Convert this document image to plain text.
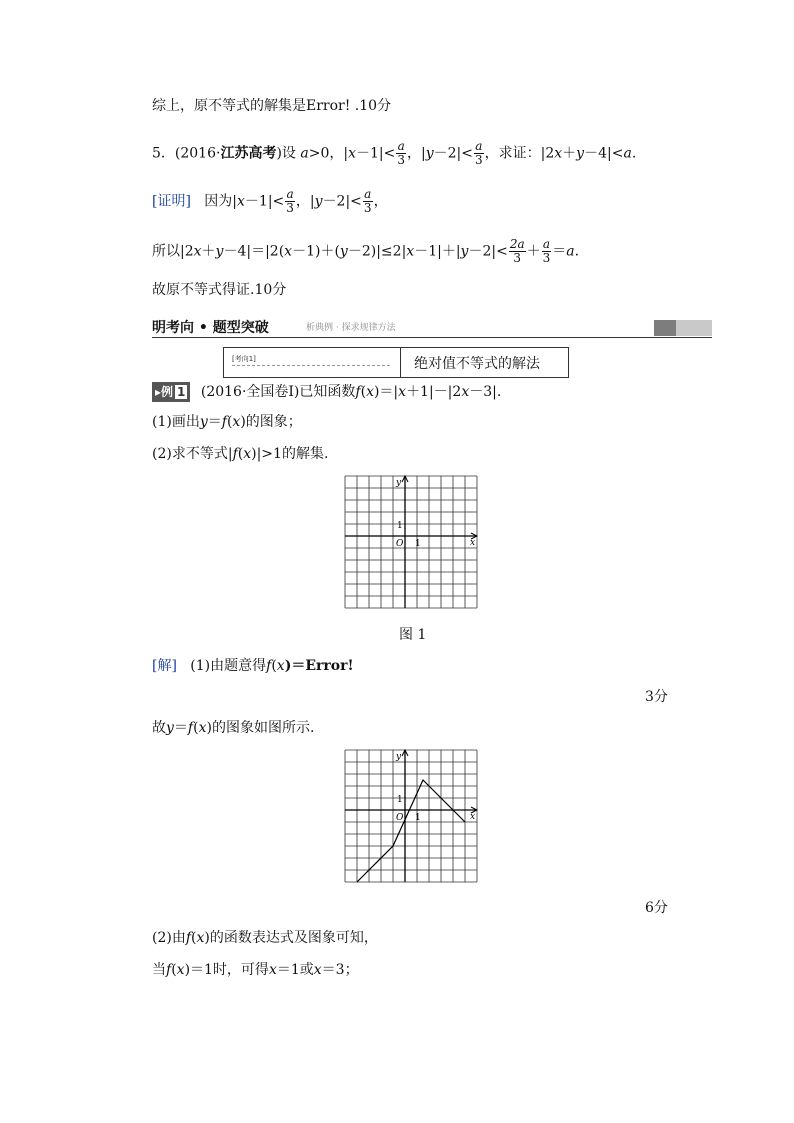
综上，原不等式的解集是Error! .10分
5．(2016·江苏高考)设 a>0，$|x-1|< \frac{a}{3}$ ，$|y-2|< \frac{a}{3}$ ，求证：|2x＋y－4|<a.
[证明] 因为$|x-1|< \frac{a}{3}$ ，$|y-2|< \frac{a}{3}$ ，
所以$|2x+y-4|=|2(x-1)+(y-2)|\le 2|x-1|+|y-2|< \frac{2a}{3} + \frac{a}{3} =a$.
故原不等式得证.10分
明考向 • 题型突破	析典例 · 探求规律方法
[考向1]	绝对值不等式的解法
▸例 1 (2016·全国卷Ⅰ)已知函数f(x)＝|x＋1|－|2x－3|.
(1)画出y＝f(x)的图象；
(2)求不等式|f(x)|>1的解集.
y
x
O 1
1
图 1
[解] (1)由题意得f(x)＝Error!
3分
故y＝f(x)的图象如图所示.
y
x
O 1
1
6分
(2)由f(x)的函数表达式及图象可知，
当f(x)＝1时，可得x＝1或x＝3；
